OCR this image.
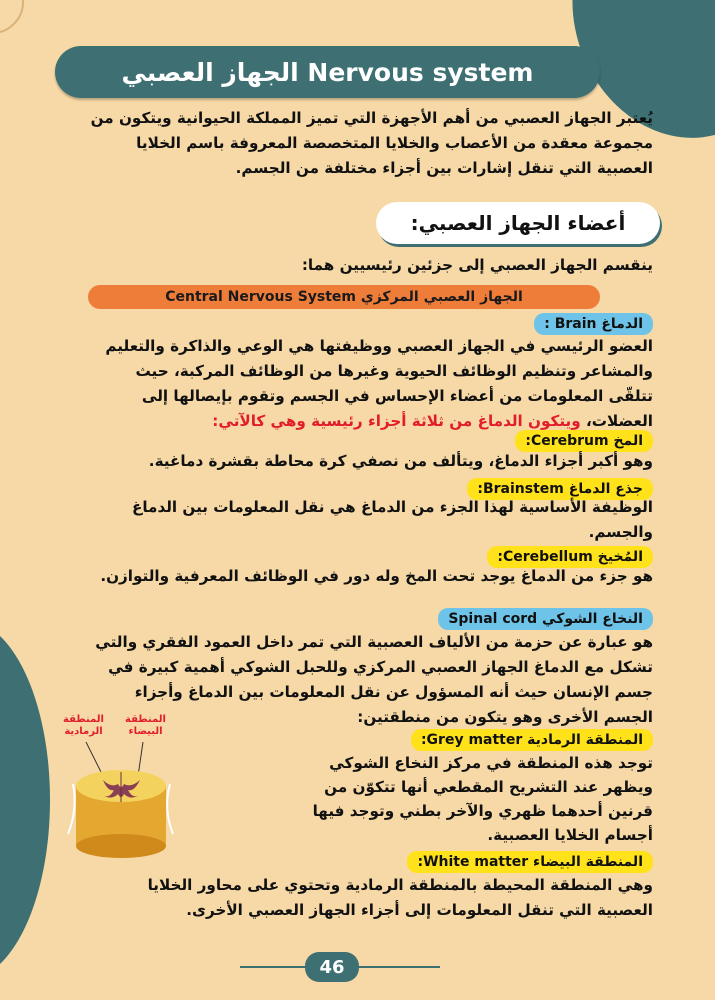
الجهاز العصبي Nervous system
يُعتبر الجهاز العصبي من أهم الأجهزة التي تميز المملكة الحيوانية ويتكون من
مجموعة معقدة من الأعصاب والخلايا المتخصصة المعروفة باسم الخلايا
العصبية التي تنقل إشارات بين أجزاء مختلفة من الجسم.
أعضاء الجهاز العصبي:
ينقسم الجهاز العصبي إلى جزئين رئيسيين هما:
الجهاز العصبي المركزي Central Nervous System
الدماغ Brain :
العضو الرئيسي في الجهاز العصبي ووظيفتها هي الوعي والذاكرة والتعليم
والمشاعر وتنظيم الوظائف الحيوية وغيرها من الوظائف المركبة، حيث
تتلقّى المعلومات من أعضاء الإحساس في الجسم وتقوم بإيصالها إلى
العضلات، ويتكون الدماغ من ثلاثة أجزاء رئيسية وهي كالآتي:
المخ Cerebrum:
وهو أكبر أجزاء الدماغ، ويتألف من نصفي كرة محاطة بقشرة دماغية.
جذع الدماغ Brainstem:
الوظيفة الأساسية لهذا الجزء من الدماغ هي نقل المعلومات بين الدماغ
والجسم.
المُخيخ Cerebellum:
هو جزء من الدماغ يوجد تحت المخ وله دور في الوظائف المعرفية والتوازن.
النخاع الشوكي Spinal cord
هو عبارة عن حزمة من الألياف العصبية التي تمر داخل العمود الفقري والتي
تشكل مع الدماغ الجهاز العصبي المركزي وللحبل الشوكي أهمية كبيرة في
جسم الإنسان حيث أنه المسؤول عن نقل المعلومات بين الدماغ وأجزاء
الجسم الأخرى وهو يتكون من منطقتين:
المنطقة الرمادية Grey matter:
توجد هذه المنطقة في مركز النخاع الشوكي
ويظهر عند التشريح المقطعي أنها تتكوّن من
قرنين أحدهما ظهري والآخر بطني وتوجد فيها
أجسام الخلايا العصبية.
المنطقة البيضاء White matter:
وهي المنطقة المحيطة بالمنطقة الرمادية وتحتوي على محاور الخلايا
العصبية التي تنقل المعلومات إلى أجزاء الجهاز العصبي الأخرى.
المنطقة الرمادية
المنطقة البيضاء
46
